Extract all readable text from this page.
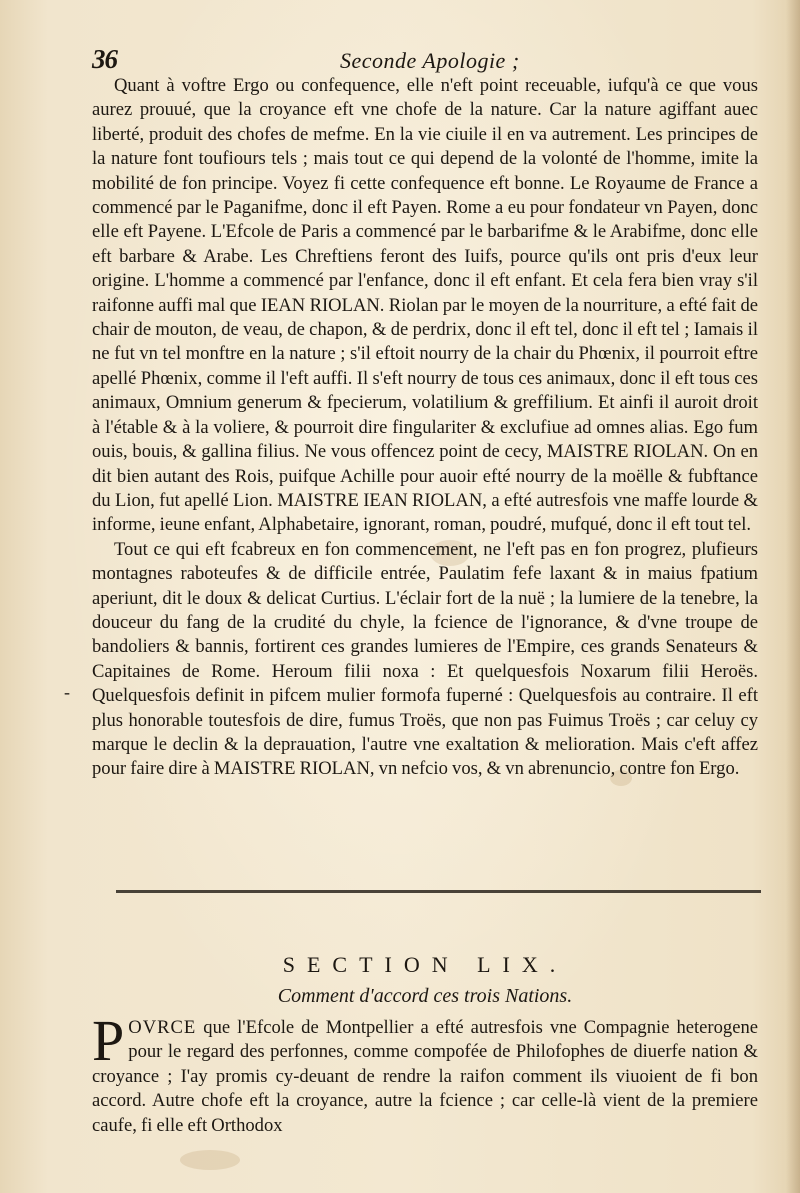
36	Seconde Apologie ;

Quant à voftre Ergo ou confequence, elle n'eft point receuable, iufqu'à ce que vous aurez prouué, que la croyance eft vne chofe de la nature. Car la nature agiffant auec liberté, produit des chofes de mefme. En la vie ciuile il en va autrement. Les principes de la nature font toufiours tels ; mais tout ce qui depend de la volonté de l'homme, imite la mobilité de fon principe. Voyez fi cette confequence eft bonne. Le Royaume de France a commencé par le Paganifme, donc il eft Payen. Rome a eu pour fondateur vn Payen, donc elle eft Payene. L'Efcole de Paris a commencé par le barbarifme & le Arabifme, donc elle eft barbare & Arabe. Les Chreftiens feront des Iuifs, pource qu'ils ont pris d'eux leur origine. L'homme a commencé par l'enfance, donc il eft enfant. Et cela fera bien vray s'il raifonne auffi mal que IEAN RIOLAN. Riolan par le moyen de la nourriture, a efté fait de chair de mouton, de veau, de chapon, & de perdrix, donc il eft tel, donc il eft tel ; Iamais il ne fut vn tel monftre en la nature ; s'il eftoit nourry de la chair du Phœnix, il pourroit eftre apellé Phœnix, comme il l'eft auffi. Il s'eft nourry de tous ces animaux, donc il eft tous ces animaux, Omnium generum & fpecierum, volatilium & greffilium. Et ainfi il auroit droit à l'étable & à la voliere, & pourroit dire fingulariter & exclufiue ad omnes alias. Ego fum ouis, bouis, & gallina filius. Ne vous offencez point de cecy, MAISTRE RIOLAN. On en dit bien autant des Rois, puifque Achille pour auoir efté nourry de la moëlle & fubftance du Lion, fut apellé Lion. MAISTRE IEAN RIOLAN, a efté autresfois vne maffe lourde & informe, ieune enfant, Alphabetaire, ignorant, roman, poudré, mufqué, donc il eft tout tel.

Tout ce qui eft fcabreux en fon commencement, ne l'eft pas en fon progrez, plufieurs montagnes raboteufes & de difficile entrée, Paulatim fefe laxant & in maius fpatium aperiunt, dit le doux & delicat Curtius. L'éclair fort de la nuë ; la lumiere de la tenebre, la douceur du fang de la crudité du chyle, la fcience de l'ignorance, & d'vne troupe de bandoliers & bannis, fortirent ces grandes lumieres de l'Empire, ces grands Senateurs & Capitaines de Rome. Heroum filii noxa : Et quelquesfois Noxarum filii Heroës. Quelquesfois definit in pifcem mulier formofa fuperné : Quelquesfois au contraire. Il eft plus honorable toutesfois de dire, fumus Troës, que non pas Fuimus Troës ; car celuy cy marque le declin & la deprauation, l'autre vne exaltation & melioration. Mais c'eft affez pour faire dire à MAISTRE RIOLAN, vn nefcio vos, & vn abrenuncio, contre fon Ergo.

-
SECTION LIX.
Comment d'accord ces trois Nations.
POVRCE que l'Efcole de Montpellier a efté autresfois vne Compagnie heterogene pour le regard des perfonnes, comme compofée de Philofophes de diuerfe nation & croyance ; I'ay promis cy-deuant de rendre la raifon comment ils viuoient de fi bon accord. Autre chofe eft la croyance, autre la fcience ; car celle-là vient de la premiere caufe, fi elle eft Orthodox
